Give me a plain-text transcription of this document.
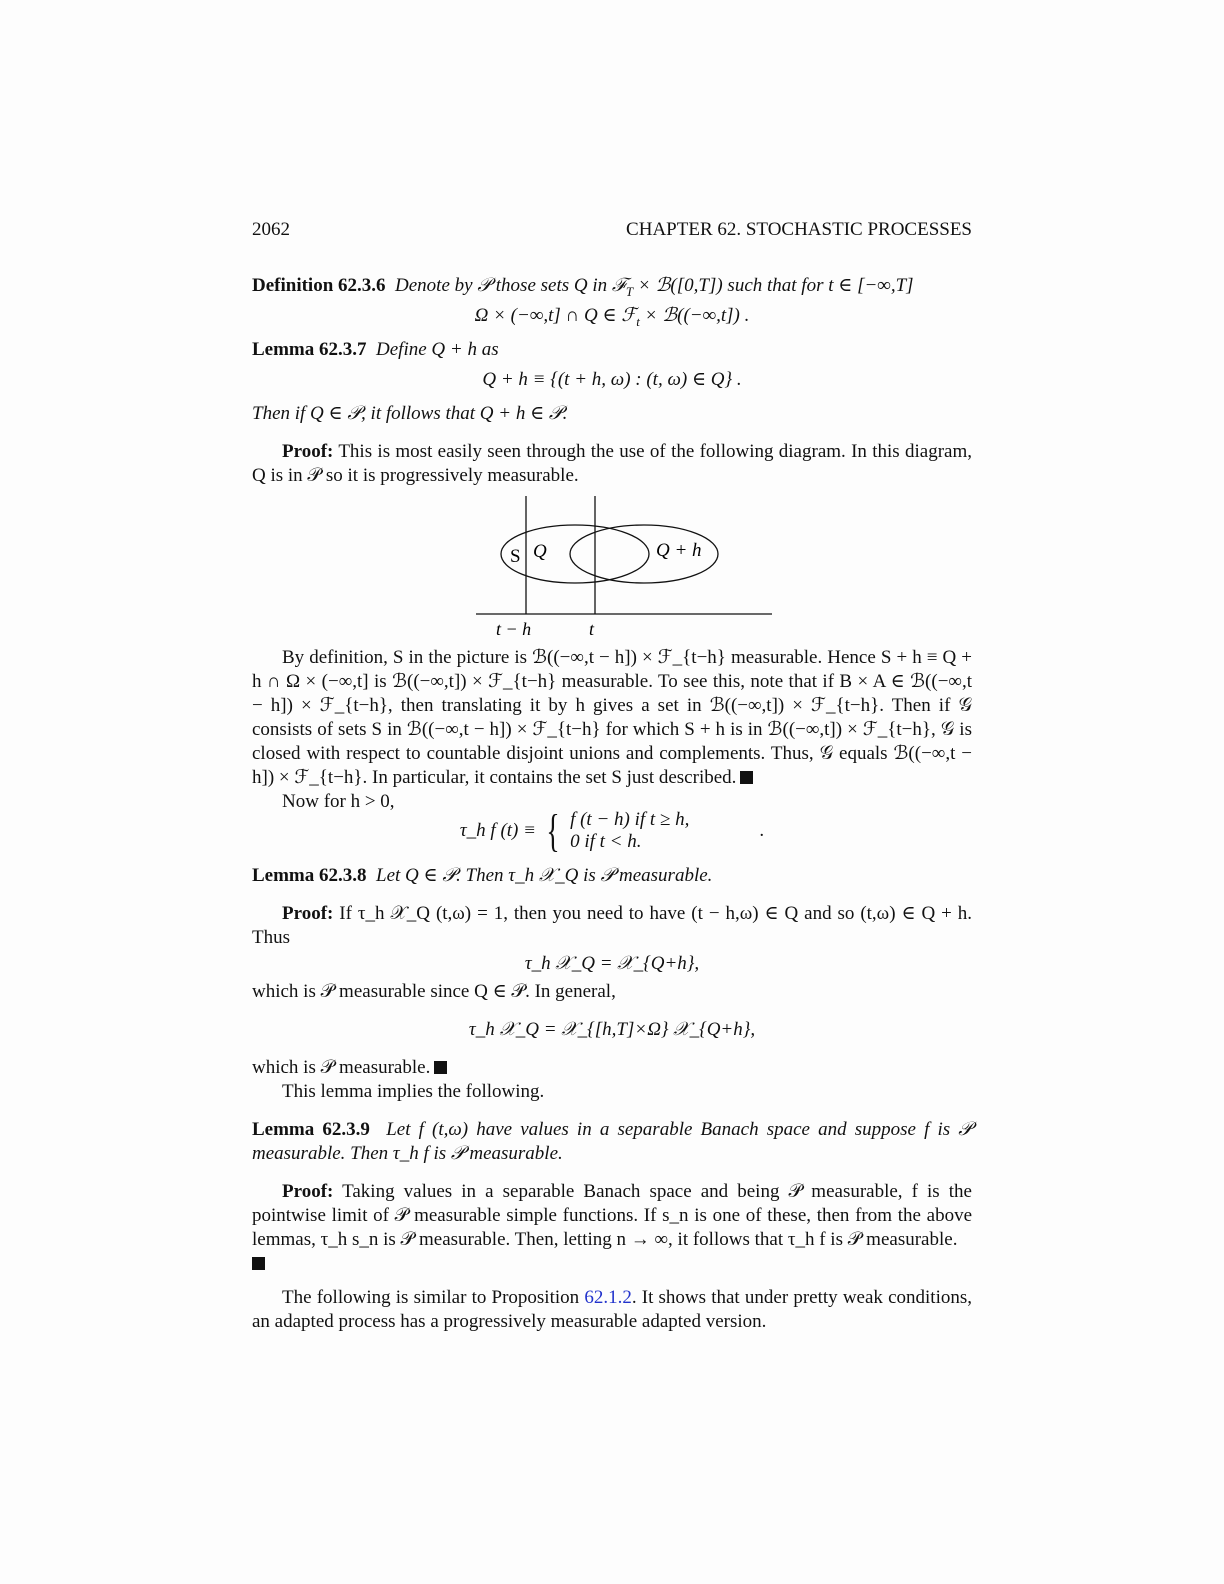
2062	CHAPTER 62. STOCHASTIC PROCESSES

Definition 62.3.6 Denote by 𝒫 those sets Q in ℱ$_T$ × ℬ([0,T]) such that for t ∈ [−∞,T]

Ω × (−∞,t] ∩ Q ∈ ℱ$_t$ × ℬ((−∞,t]) .

Lemma 62.3.7 Define Q + h as

Q + h ≡ {(t + h, ω) : (t, ω) ∈ Q} .

Then if Q ∈ 𝒫, it follows that Q + h ∈ 𝒫.

Proof: This is most easily seen through the use of the following diagram. In this diagram, Q is in 𝒫 so it is progressively measurable.

S Q	Q + h
t − h	t

By definition, S in the picture is ℬ((−∞,t − h]) × ℱ_{t−h} measurable. Hence S + h ≡ Q + h ∩ Ω × (−∞,t] is ℬ((−∞,t]) × ℱ_{t−h} measurable. To see this, note that if B × A ∈ ℬ((−∞,t − h]) × ℱ_{t−h}, then translating it by h gives a set in ℬ((−∞,t]) × ℱ_{t−h}. Then if 𝒢 consists of sets S in ℬ((−∞,t − h]) × ℱ_{t−h} for which S + h is in ℬ((−∞,t]) × ℱ_{t−h}, 𝒢 is closed with respect to countable disjoint unions and complements. Thus, 𝒢 equals ℬ((−∞,t − h]) × ℱ_{t−h}. In particular, it contains the set S just described.

Now for h > 0,

τ_h f (t) ≡ { f (t − h) if t ≥ h,
0 if t < h.
.

Lemma 62.3.8 Let Q ∈ 𝒫. Then τ_h 𝒳_Q is 𝒫 measurable.

Proof: If τ_h 𝒳_Q (t,ω) = 1, then you need to have (t − h,ω) ∈ Q and so (t,ω) ∈ Q + h. Thus

τ_h 𝒳_Q = 𝒳_{Q+h},

which is 𝒫 measurable since Q ∈ 𝒫. In general,

τ_h 𝒳_Q = 𝒳_{[h,T]×Ω} 𝒳_{Q+h},

which is 𝒫 measurable.

This lemma implies the following.

Lemma 62.3.9 Let f (t,ω) have values in a separable Banach space and suppose f is 𝒫 measurable. Then τ_h f is 𝒫 measurable.

Proof: Taking values in a separable Banach space and being 𝒫 measurable, f is the pointwise limit of 𝒫 measurable simple functions. If s_n is one of these, then from the above lemmas, τ_h s_n is 𝒫 measurable. Then, letting n → ∞, it follows that τ_h f is 𝒫 measurable.

The following is similar to Proposition 62.1.2. It shows that under pretty weak conditions, an adapted process has a progressively measurable adapted version.
